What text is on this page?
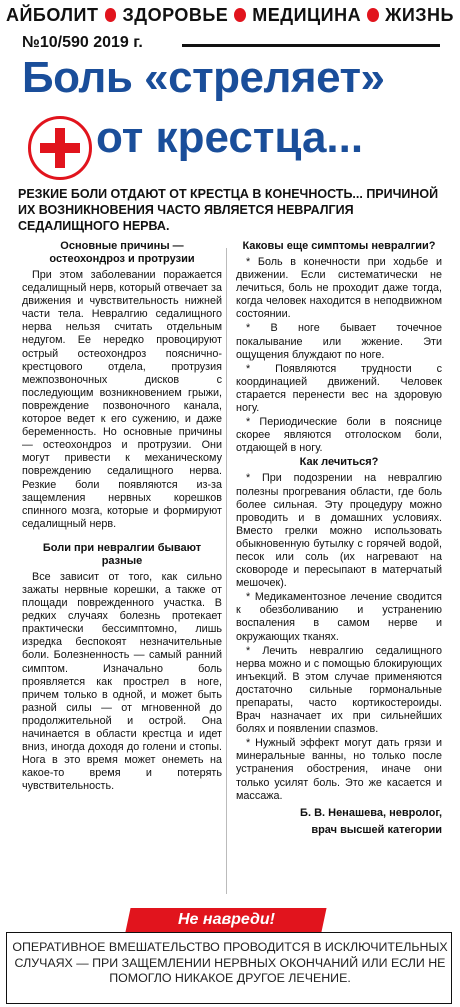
АЙБОЛИТ ЗДОРОВЬЕ МЕДИЦИНА ЖИЗНЬ
№10/590 2019 г.
Боль «стреляет»
от крестца...
РЕЗКИЕ БОЛИ ОТДАЮТ ОТ КРЕСТЦА В КОНЕЧНОСТЬ... ПРИЧИНОЙ ИХ ВОЗНИКНОВЕНИЯ ЧАСТО ЯВЛЯЕТСЯ НЕВРАЛГИЯ СЕДАЛИЩНОГО НЕРВА.
Основные причины — остеохондроз и протрузии
При этом заболевании поражается седалищный нерв, который отвечает за движения и чувствительность нижней части тела. Невралгию седалищного нерва нельзя считать отдельным недугом. Ее нередко провоцируют острый остеохондроз пояснично-крестцового отдела, протрузия межпозвоночных дисков с последующим возникновением грыжи, повреждение позвоночного канала, которое ведет к его сужению, и даже беременность. Но основные причины — остеохондроз и протрузии. Они могут привести к механическому повреждению седалищного нерва. Резкие боли появляются из-за защемления нервных корешков спинного мозга, которые и формируют седалищный нерв.
Боли при невралгии бывают разные
Все зависит от того, как сильно зажаты нервные корешки, а также от площади поврежденного участка. В редких случаях болезнь протекает практически бессимптомно, лишь изредка беспокоят незначительные боли. Болезненность — самый ранний симптом. Изначально боль проявляется как прострел в ноге, причем только в одной, и может быть разной силы — от мгновенной до продолжительной и острой. Она начинается в области крестца и идет вниз, иногда доходя до голени и стопы. Нога в это время может онеметь на какое-то время и потерять чувствительность.
Каковы еще симптомы невралгии?
* Боль в конечности при ходьбе и движении. Если систематически не лечиться, боль не проходит даже тогда, когда человек находится в неподвижном состоянии.
* В ноге бывает точечное покалывание или жжение. Эти ощущения блуждают по ноге.
* Появляются трудности с координацией движений. Человек старается перенести вес на здоровую ногу.
* Периодические боли в пояснице скорее являются отголоском боли, отдающей в ногу.
Как лечиться?
* При подозрении на невралгию полезны прогревания области, где боль более сильная. Эту процедуру можно проводить и в домашних условиях. Вместо грелки можно использовать обыкновенную бутылку с горячей водой, песок или соль (их нагревают на сковороде и пересыпают в матерчатый мешочек).
* Медикаментозное лечение сводится к обезболиванию и устранению воспаления в самом нерве и окружающих тканях.
* Лечить невралгию седалищного нерва можно и с помощью блокирующих инъекций. В этом случае применяются достаточно сильные гормональные препараты, часто кортикостероиды. Врач назначает их при сильнейших болях и появлении спазмов.
* Нужный эффект могут дать грязи и минеральные ванны, но только после устранения обострения, иначе они только усилят боль. Это же касается и массажа.
Б. В. Ненашева, невролог,
врач высшей категории
Не навреди!
ОПЕРАТИВНОЕ ВМЕШАТЕЛЬСТВО ПРОВОДИТСЯ В ИСКЛЮЧИТЕЛЬНЫХ СЛУЧАЯХ — ПРИ ЗАЩЕМЛЕНИИ НЕРВНЫХ ОКОНЧАНИЙ ИЛИ ЕСЛИ НЕ ПОМОГЛО НИКАКОЕ ДРУГОЕ ЛЕЧЕНИЕ.
